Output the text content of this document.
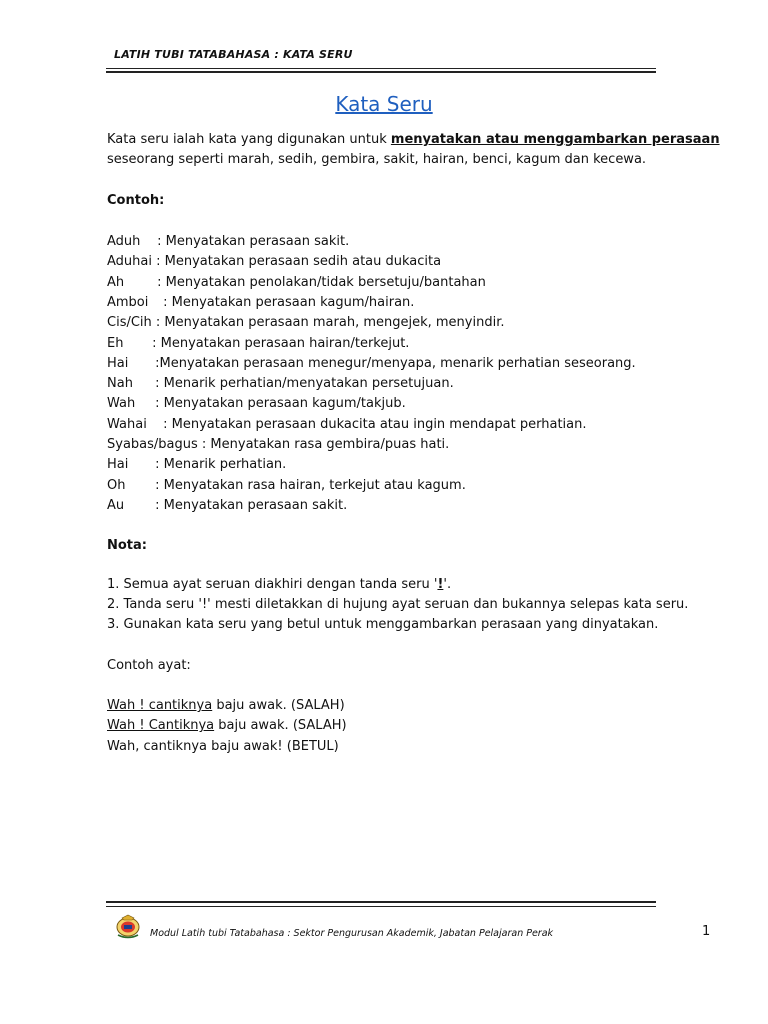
LATIH TUBI TATABAHASA : KATA SERU
Kata Seru
Kata seru ialah kata yang digunakan untuk menyatakan atau menggambarkan perasaan
seseorang seperti marah, sedih, gembira, sakit, hairan, benci, kagum dan kecewa.
Contoh:
Aduh : Menyatakan perasaan sakit.
Aduhai : Menyatakan perasaan sedih atau dukacita
Ah	: Menyatakan penolakan/tidak bersetuju/bantahan
Amboi : Menyatakan perasaan kagum/hairan.
Cis/Cih : Menyatakan perasaan marah, mengejek, menyindir.
Eh : Menyatakan perasaan hairan/terkejut.
Hai :Menyatakan perasaan menegur/menyapa, menarik perhatian seseorang.
Nah : Menarik perhatian/menyatakan persetujuan.
Wah : Menyatakan perasaan kagum/takjub.
Wahai : Menyatakan perasaan dukacita atau ingin mendapat perhatian.
Syabas/bagus : Menyatakan rasa gembira/puas hati.
Hai : Menarik perhatian.
Oh : Menyatakan rasa hairan, terkejut atau kagum.
Au : Menyatakan perasaan sakit.
Nota:
1. Semua ayat seruan diakhiri dengan tanda seru '!'.
2. Tanda seru '!' mesti diletakkan di hujung ayat seruan dan bukannya selepas kata seru.
3. Gunakan kata seru yang betul untuk menggambarkan perasaan yang dinyatakan.
Contoh ayat:
Wah ! cantiknya baju awak. (SALAH)
Wah ! Cantiknya baju awak. (SALAH)
Wah, cantiknya baju awak! (BETUL)
Modul Latih tubi Tatabahasa : Sektor Pengurusan Akademik, Jabatan Pelajaran Perak	1
